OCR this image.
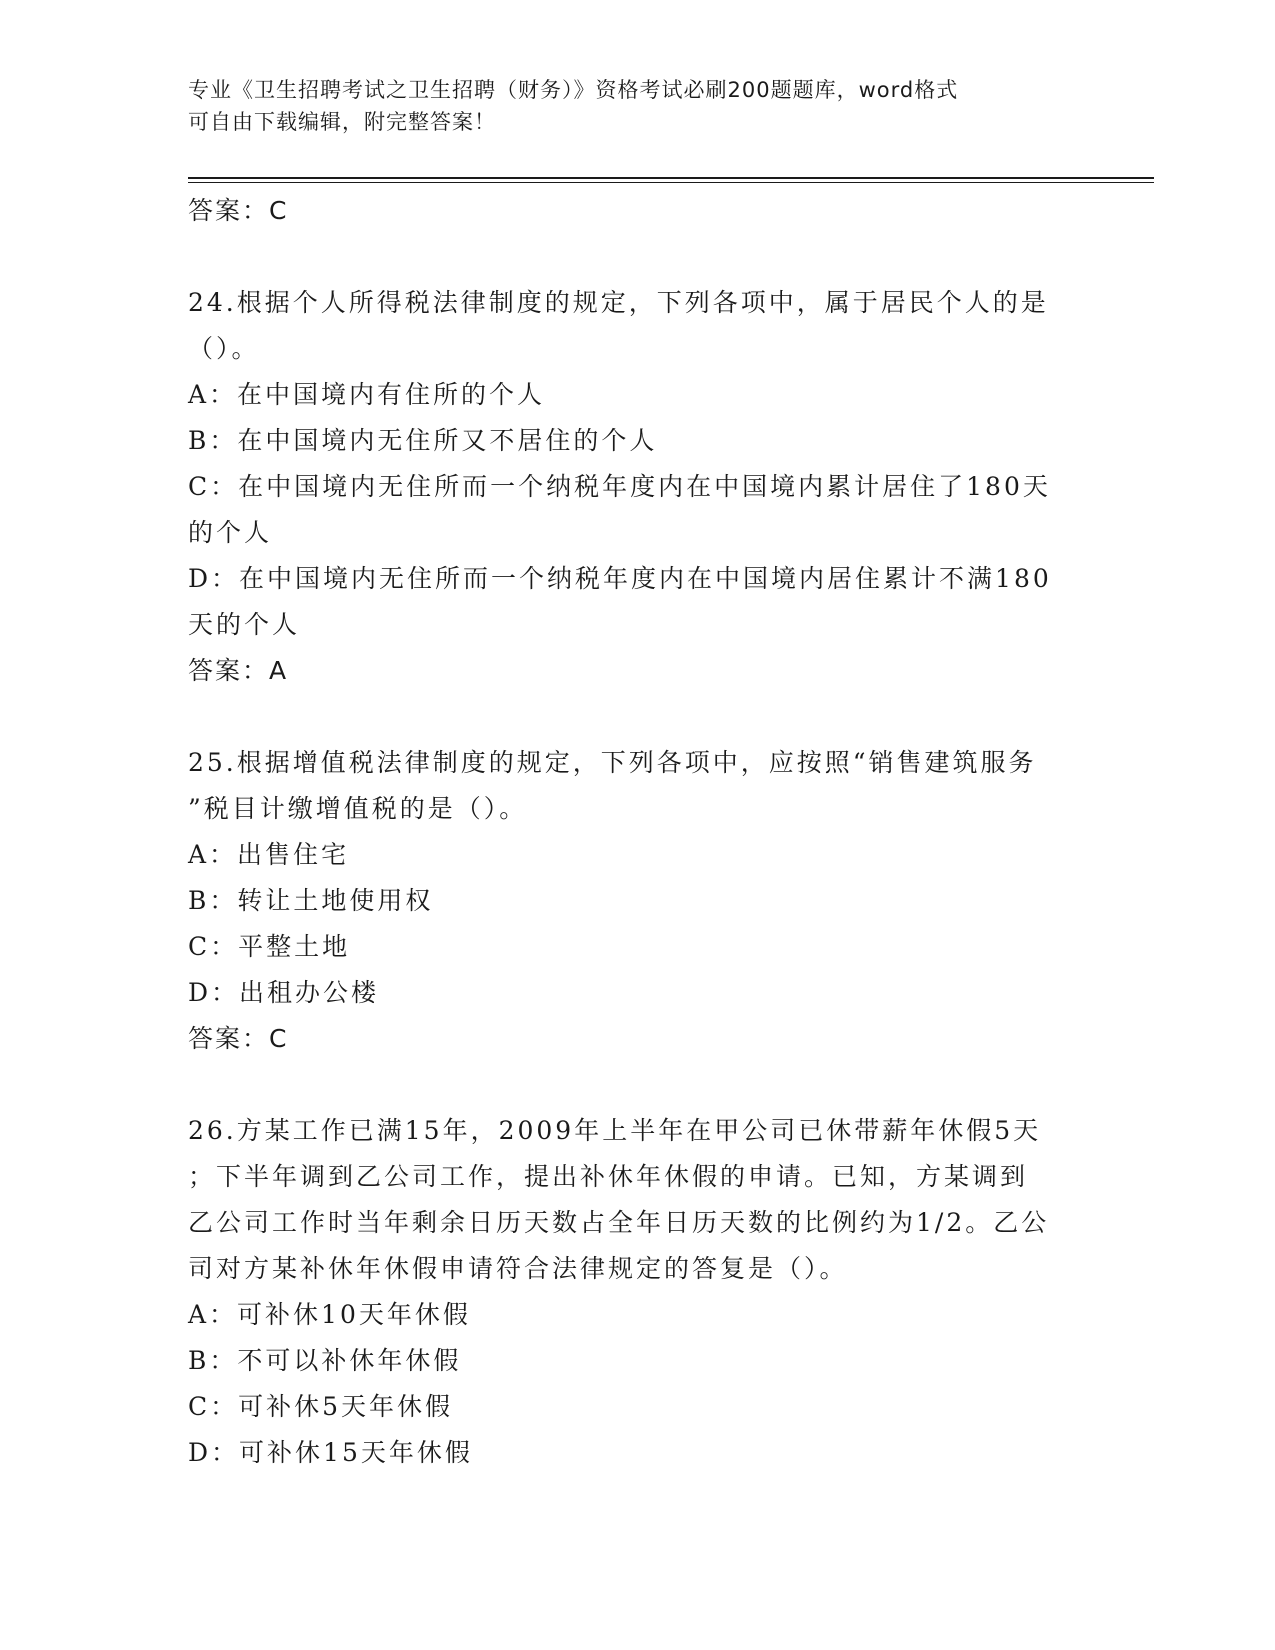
专业《卫生招聘考试之卫生招聘（财务）》资格考试必刷200题题库，word格式
可自由下载编辑，附完整答案！
答案：C
24.根据个人所得税法律制度的规定，下列各项中，属于居民个人的是
（）。
A：在中国境内有住所的个人
B：在中国境内无住所又不居住的个人
C：在中国境内无住所而一个纳税年度内在中国境内累计居住了180天
的个人
D：在中国境内无住所而一个纳税年度内在中国境内居住累计不满180
天的个人
答案：A
25.根据增值税法律制度的规定，下列各项中，应按照“销售建筑服务
”税目计缴增值税的是（）。
A：出售住宅
B：转让土地使用权
C：平整土地
D：出租办公楼
答案：C
26.方某工作已满15年，2009年上半年在甲公司已休带薪年休假5天
；下半年调到乙公司工作，提出补休年休假的申请。已知，方某调到
乙公司工作时当年剩余日历天数占全年日历天数的比例约为1/2。乙公
司对方某补休年休假申请符合法律规定的答复是（）。
A：可补休10天年休假
B：不可以补休年休假
C：可补休5天年休假
D：可补休15天年休假
